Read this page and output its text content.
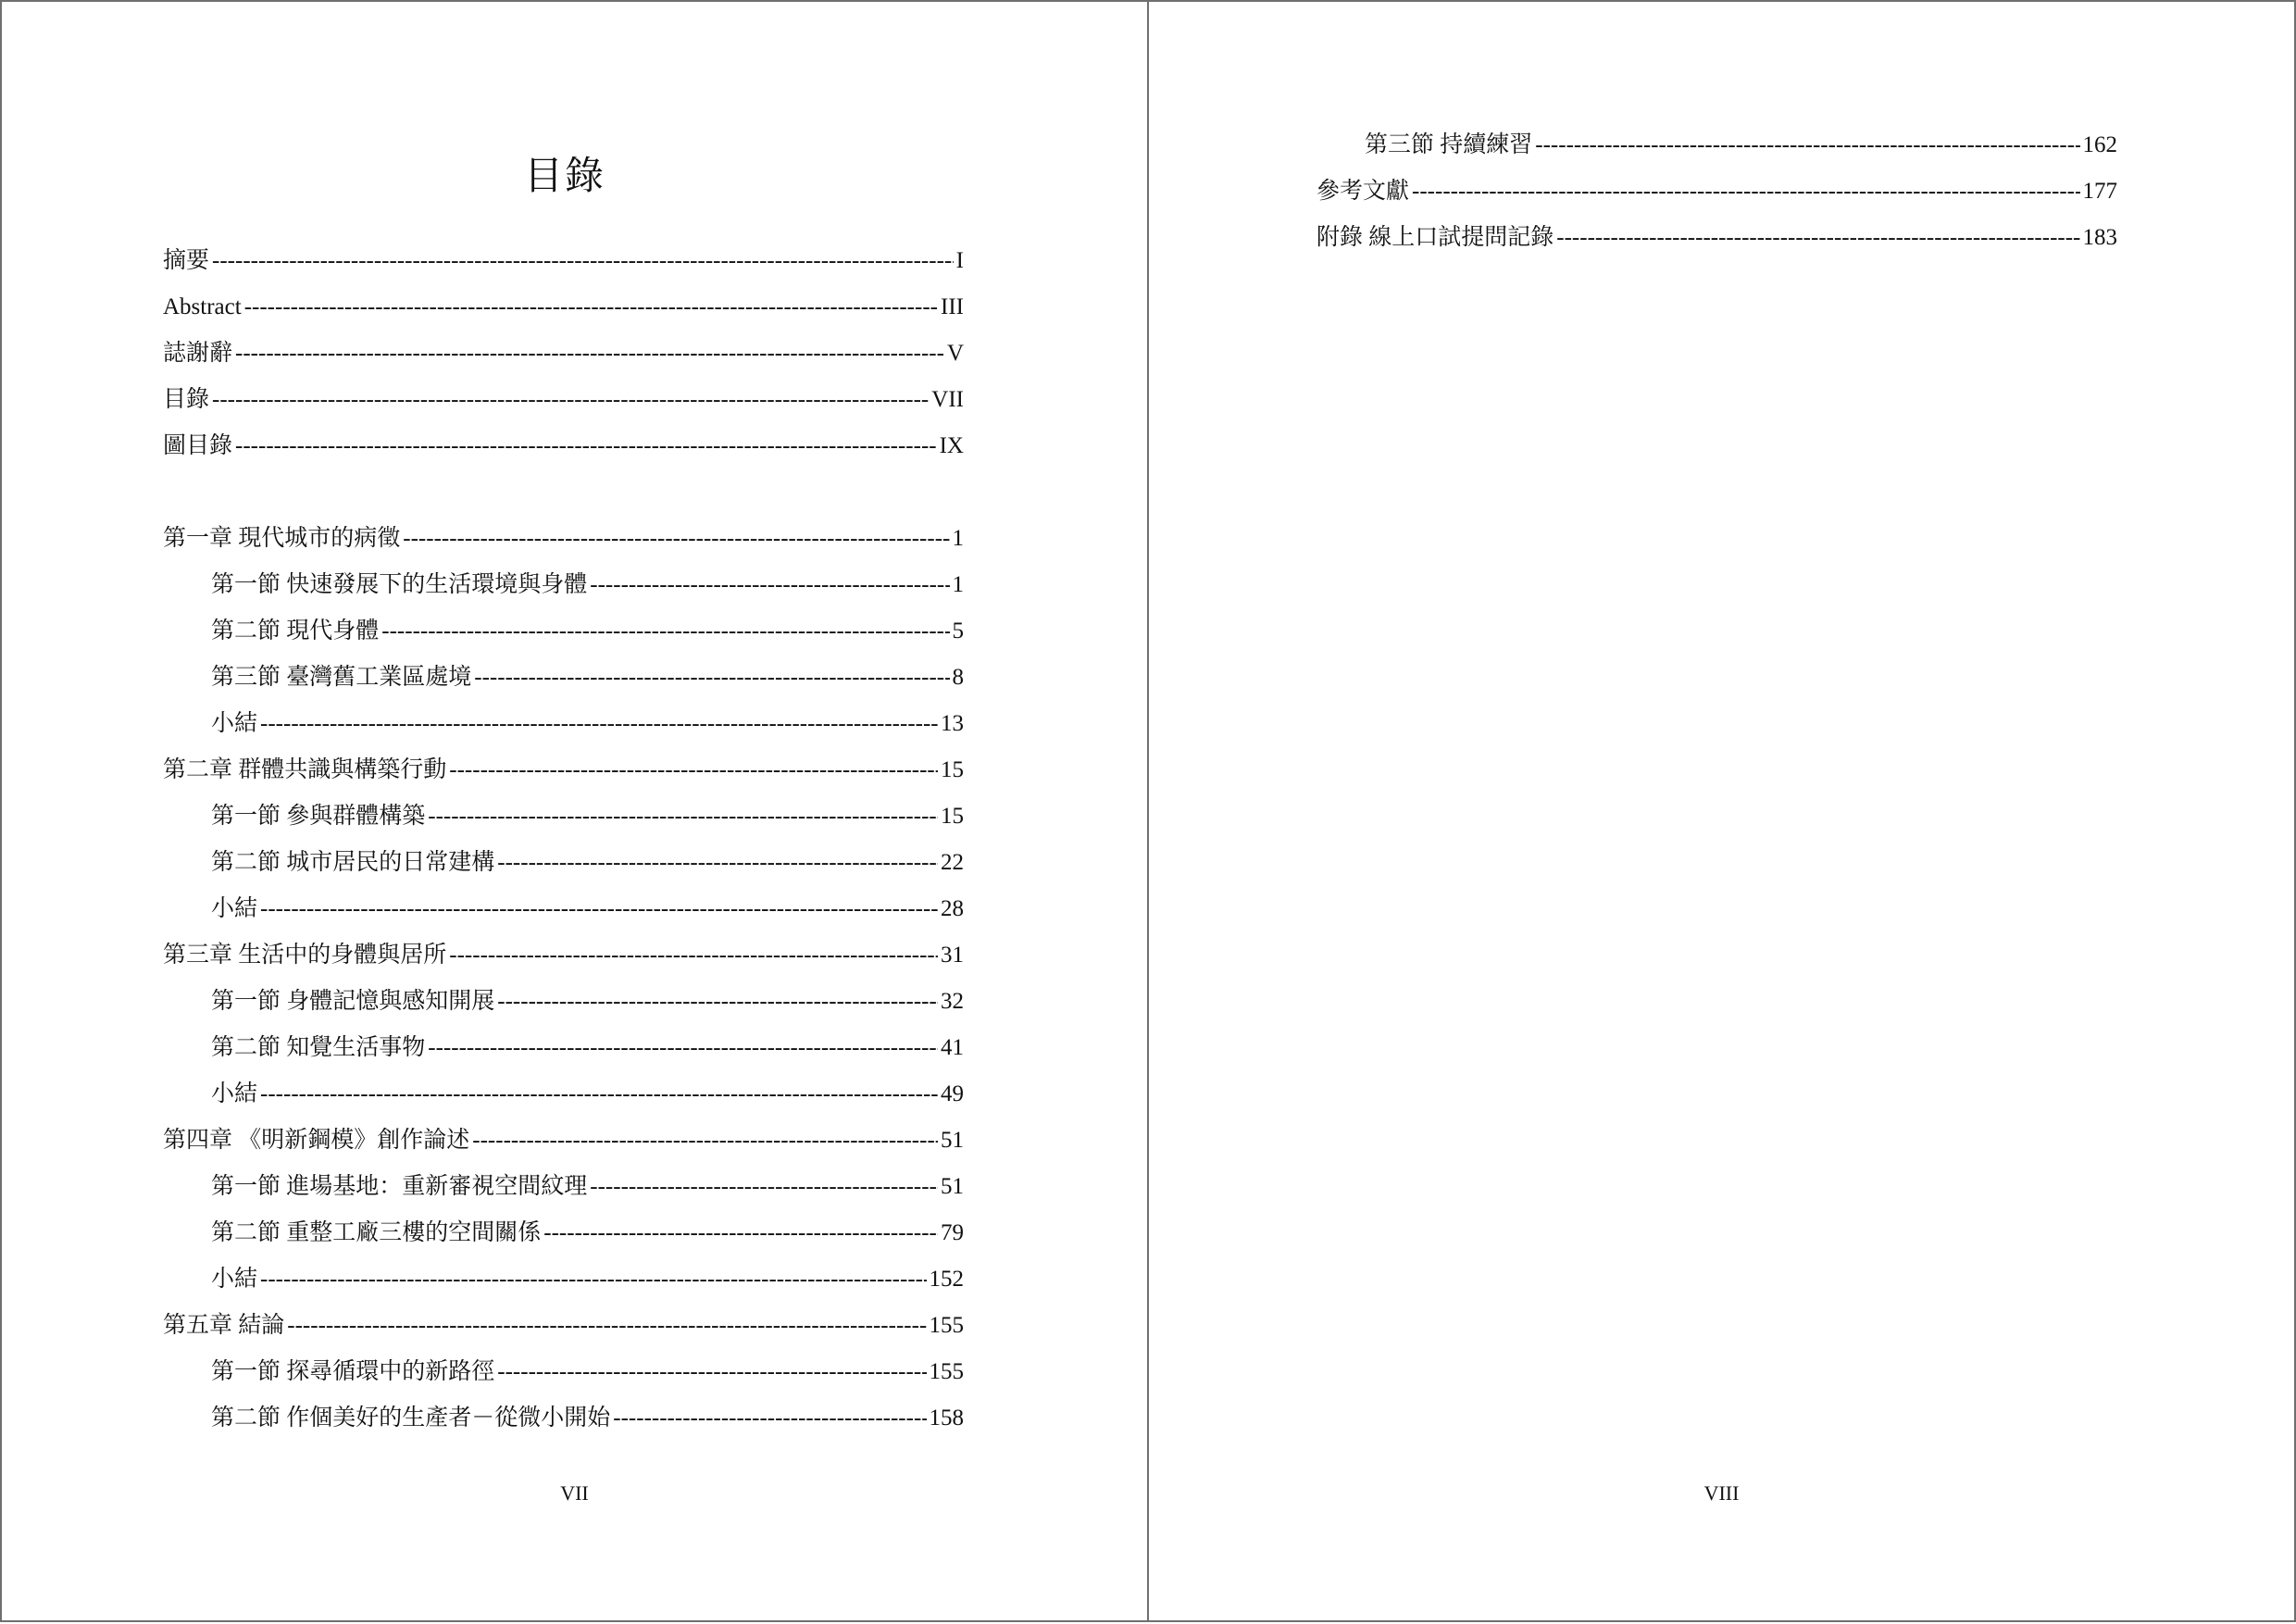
目錄
摘要 -----	I
Abstract -----	III
誌謝辭 -----	V
目錄 -----	VII
圖目錄 -----	IX
第一章 現代城市的病徵 -----	1
第一節 快速發展下的生活環境與身體 -----	1
第二節 現代身體 -----	5
第三節 臺灣舊工業區處境 -----	8
小結 -----	13
第二章 群體共識與構築行動 -----	15
第一節 參與群體構築 -----	15
第二節 城市居民的日常建構 -----	22
小結 -----	28
第三章 生活中的身體與居所 -----	31
第一節 身體記憶與感知開展 -----	32
第二節 知覺生活事物 -----	41
小結 -----	49
第四章 《明新鋼模》創作論述 -----	51
第一節 進場基地：重新審視空間紋理 -----	51
第二節 重整工廠三樓的空間關係 -----	79
小結 -----	152
第五章 結論 -----	155
第一節 探尋循環中的新路徑 -----	155
第二節 作個美好的生產者－從微小開始 -----	158
VII
第三節 持續練習 -----	162
參考文獻 -----	177
附錄 線上口試提問記錄 -----	183
VIII
